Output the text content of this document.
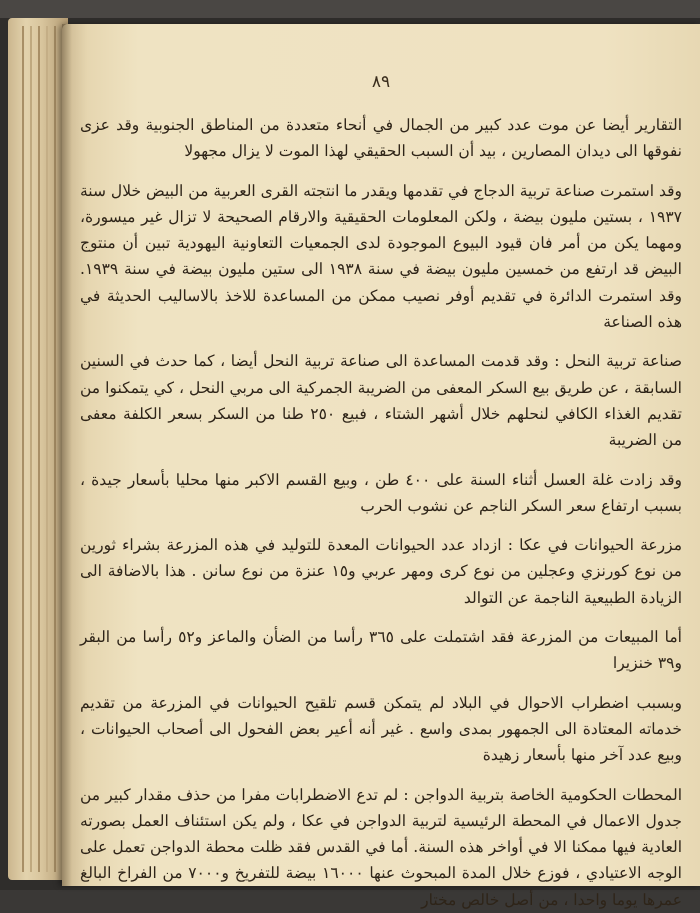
٨٩

التقارير أيضا عن موت عدد كبير من الجمال في أنحاء متعددة من المناطق الجنوبية وقد عزى نفوقها الى ديدان المصارين ، بيد أن السبب الحقيقي لهذا الموت لا يزال مجهولا

وقد استمرت صناعة تربية الدجاج في تقدمها ويقدر ما انتجته القرى العربية من البيض خلال سنة ١٩٣٧ ، بستين مليون بيضة ، ولكن المعلومات الحقيقية والارقام الصحيحة لا تزال غير ميسورة، ومهما يكن من أمر فان قيود البيوع الموجودة لدى الجمعيات التعاونية اليهودية تبين أن منتوج البيض قد ارتفع من خمسين مليون بيضة في سنة ١٩٣٨ الى ستين مليون بيضة في سنة ١٩٣٩. وقد استمرت الدائرة في تقديم أوفر نصيب ممكن من المساعدة للاخذ بالاساليب الحديثة في هذه الصناعة

صناعة تربية النحل : وقد قدمت المساعدة الى صناعة تربية النحل أيضا ، كما حدث في السنين السابقة ، عن طريق بيع السكر المعفى من الضريبة الجمركية الى مربي النحل ، كي يتمكنوا من تقديم الغذاء الكافي لنحلهم خلال أشهر الشتاء ، فبيع ٢٥٠ طنا من السكر بسعر الكلفة معفى من الضريبة

وقد زادت غلة العسل أثناء السنة على ٤٠٠ طن ، وبيع القسم الاكبر منها محليا بأسعار جيدة ، بسبب ارتفاع سعر السكر الناجم عن نشوب الحرب

مزرعة الحيوانات في عكا : ازداد عدد الحيوانات المعدة للتوليد في هذه المزرعة بشراء ثورين من نوع كورنزي وعجلين من نوع كرى ومهر عربي و١٥ عنزة من نوع سانن . هذا بالاضافة الى الزيادة الطبيعية الناجمة عن التوالد

أما المبيعات من المزرعة فقد اشتملت على ٣٦٥ رأسا من الضأن والماعز و٥٢ رأسا من البقر و٣٩ خنزيرا

وبسبب اضطراب الاحوال في البلاد لم يتمكن قسم تلقيح الحيوانات في المزرعة من تقديم خدماته المعتادة الى الجمهور بمدى واسع . غير أنه أعير بعض الفحول الى أصحاب الحيوانات ، وبيع عدد آخر منها بأسعار زهيدة

المحطات الحكومية الخاصة بتربية الدواجن : لم تدع الاضطرابات مفرا من حذف مقدار كبير من جدول الاعمال في المحطة الرئيسية لتربية الدواجن في عكا ، ولم يكن استئناف العمل بصورته العادية فيها ممكنا الا في أواخر هذه السنة. أما في القدس فقد ظلت محطة الدواجن تعمل على الوجه الاعتيادي ، فوزع خلال المدة المبحوث عنها ١٦٠٠٠ بيضة للتفريخ و٧٠٠٠ من الفراخ البالغ عمرها يوما واحدا ، من أصل خالص مختار
